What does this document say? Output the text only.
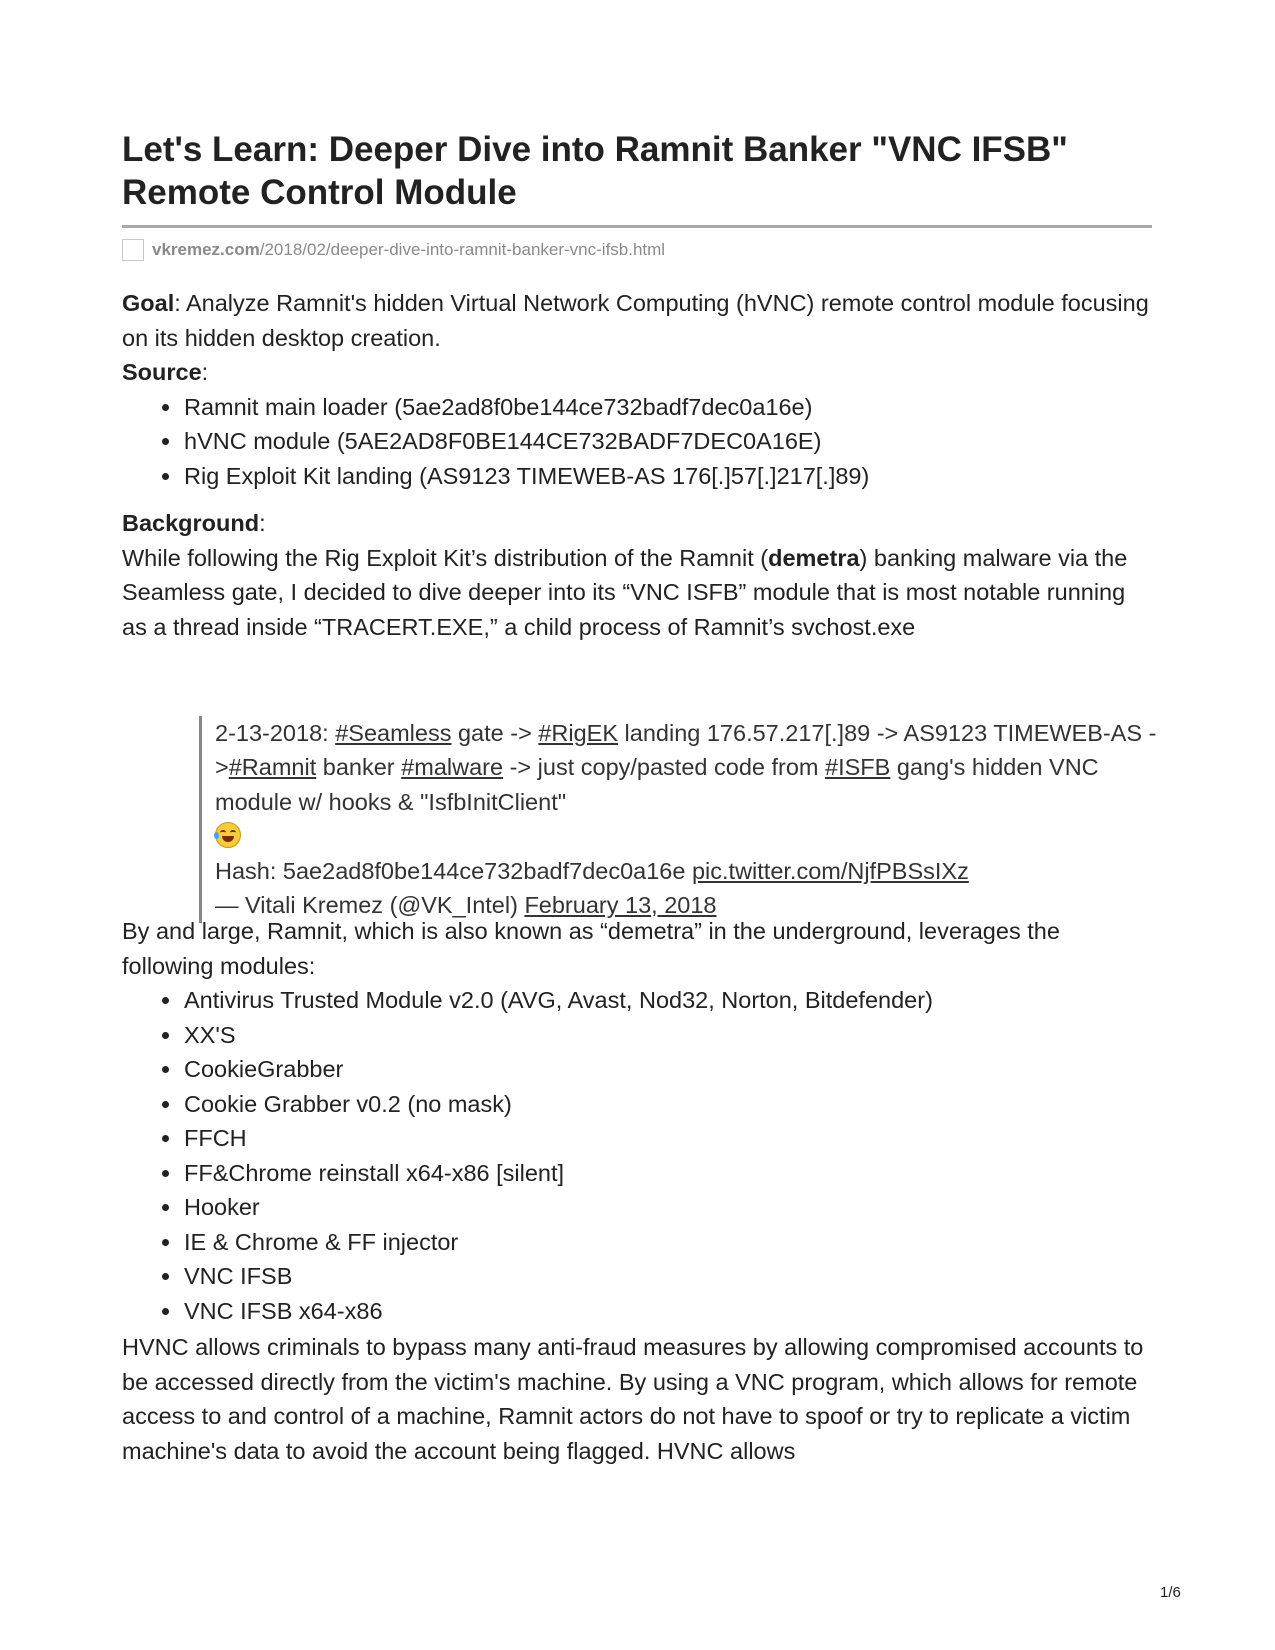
Let's Learn: Deeper Dive into Ramnit Banker "VNC IFSB" Remote Control Module
vkremez.com/2018/02/deeper-dive-into-ramnit-banker-vnc-ifsb.html

Goal: Analyze Ramnit's hidden Virtual Network Computing (hVNC) remote control module focusing on its hidden desktop creation.

Source:

Ramnit main loader (5ae2ad8f0be144ce732badf7dec0a16e)
hVNC module (5AE2AD8F0BE144CE732BADF7DEC0A16E)
Rig Exploit Kit landing (AS9123 TIMEWEB-AS 176[.]57[.]217[.]89)

Background:

While following the Rig Exploit Kit’s distribution of the Ramnit (demetra) banking malware via the Seamless gate, I decided to dive deeper into its “VNC ISFB” module that is most notable running as a thread inside “TRACERT.EXE,” a child process of Ramnit’s svchost.exe

2-13-2018: #Seamless gate -> #RigEK landing 176.57.217[.]89 -> AS9123 TIMEWEB-AS ->#Ramnit banker #malware -> just copy/pasted code from #ISFB gang's hidden VNC module w/ hooks & "IsfbInitClient"
Hash: 5ae2ad8f0be144ce732badf7dec0a16e pic.twitter.com/NjfPBSsIXz
— Vitali Kremez (@VK_Intel) February 13, 2018

By and large, Ramnit, which is also known as “demetra” in the underground, leverages the following modules:

Antivirus Trusted Module v2.0 (AVG, Avast, Nod32, Norton, Bitdefender)
XX'S
CookieGrabber
Cookie Grabber v0.2 (no mask)
FFCH
FF&Chrome reinstall x64-x86 [silent]
Hooker
IE & Chrome & FF injector
VNC IFSB
VNC IFSB x64-x86

HVNC allows criminals to bypass many anti-fraud measures by allowing compromised accounts to be accessed directly from the victim's machine. By using a VNC program, which allows for remote access to and control of a machine, Ramnit actors do not have to spoof or try to replicate a victim machine's data to avoid the account being flagged. HVNC allows

1/6
